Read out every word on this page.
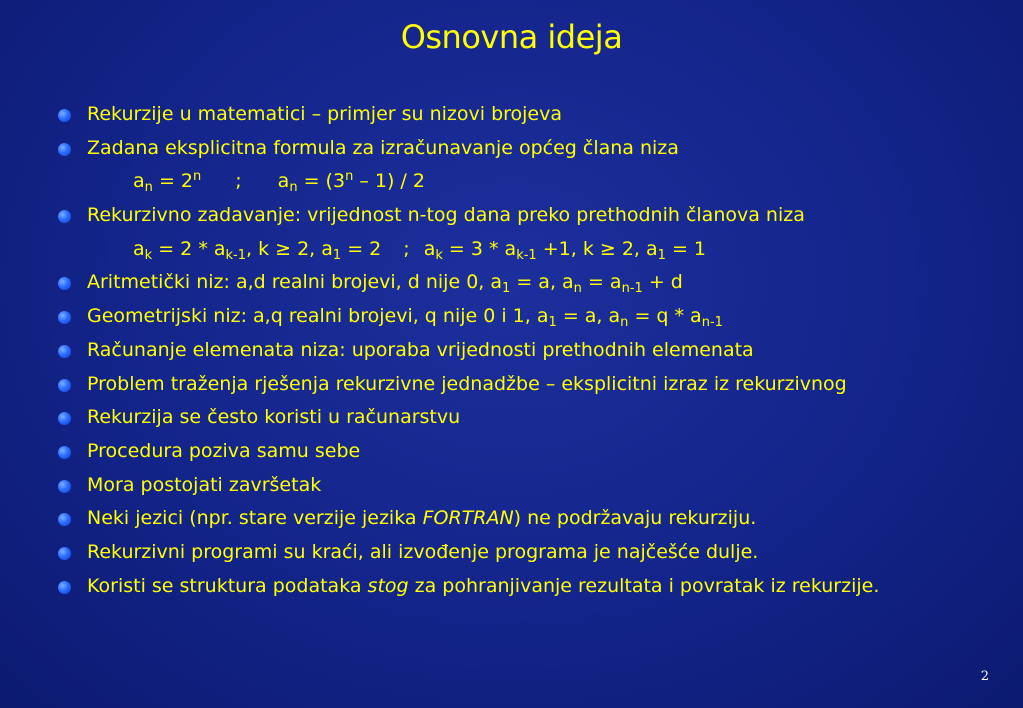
Osnovna ideja
Rekurzije u matematici – primjer su nizovi brojeva
Zadana eksplicitna formula za izračunavanje općeg člana niza
$a_n = 2^n$ ; $a_n = (3^n - 1) / 2$
Rekurzivno zadavanje: vrijednost n-tog dana preko prethodnih članova niza
$a_k = 2 * a_{k-1}$, k ≥ 2, $a_1 = 2$ ; $a_k = 3 * a_{k-1} +1$, k ≥ 2, $a_1 = 1$
Aritmetički niz: a,d realni brojevi, d nije 0, $a_1 = a$, $a_n = a_{n-1} + d$
Geometrijski niz: a,q realni brojevi, q nije 0 i 1, $a_1 = a$, $a_n = q * a_{n-1}$
Računanje elemenata niza: uporaba vrijednosti prethodnih elemenata
Problem traženja rješenja rekurzivne jednadžbe – eksplicitni izraz iz rekurzivnog
Rekurzija se često koristi u računarstvu
Procedura poziva samu sebe
Mora postojati završetak
Neki jezici (npr. stare verzije jezika FORTRAN) ne podržavaju rekurziju.
Rekurzivni programi su kraći, ali izvođenje programa je najčešće dulje.
Koristi se struktura podataka stog za pohranjivanje rezultata i povratak iz rekurzije.
2
